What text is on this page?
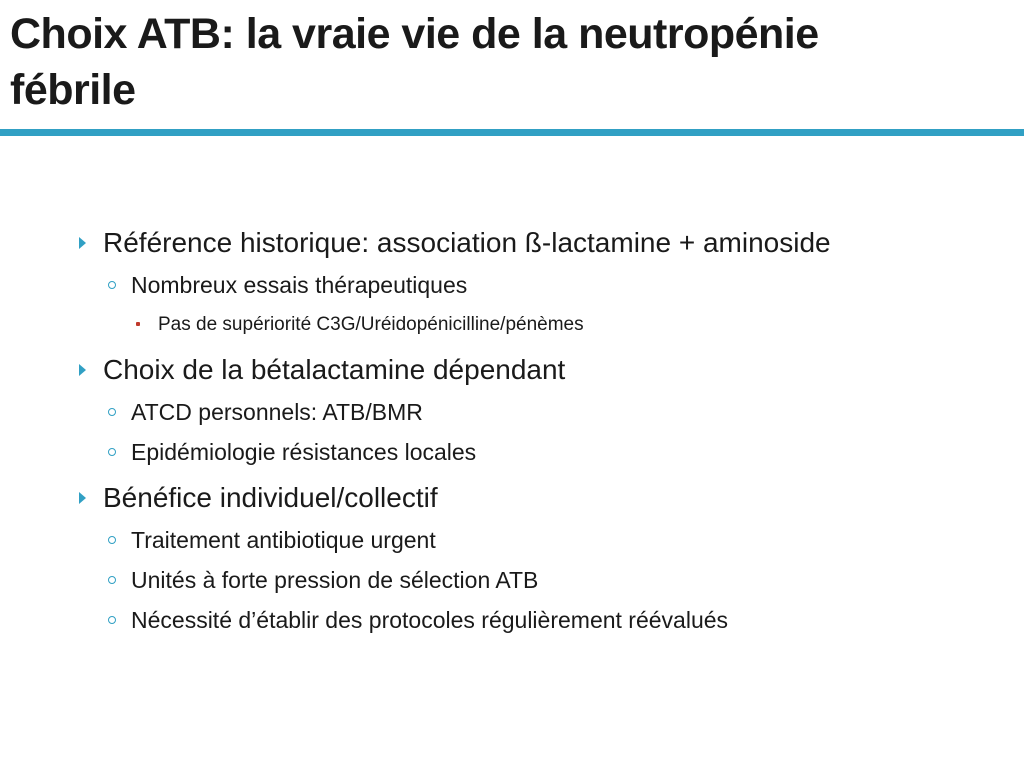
Choix ATB: la vraie vie de la neutropénie
fébrile
Référence historique: association ß-lactamine + aminoside
Nombreux essais thérapeutiques
Pas de supériorité C3G/Uréidopénicilline/pénèmes
Choix de la bétalactamine dépendant
ATCD personnels: ATB/BMR
Epidémiologie résistances locales
Bénéfice individuel/collectif
Traitement antibiotique urgent
Unités à forte pression de sélection ATB
Nécessité d’établir des protocoles régulièrement réévalués
